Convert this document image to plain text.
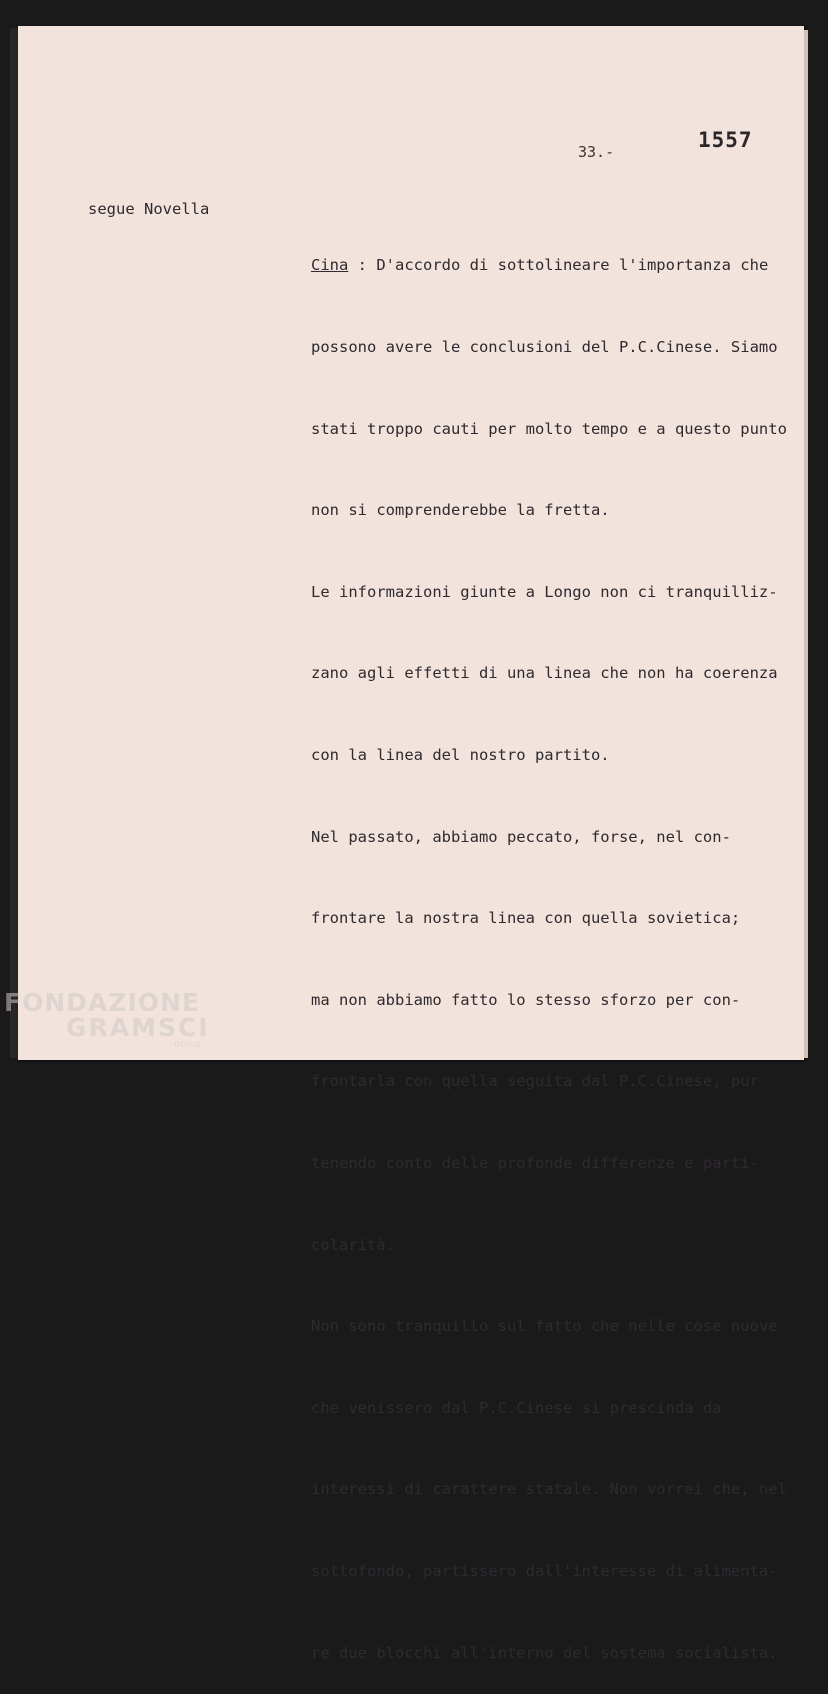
1557
33.-
segue Novella

Cina : D'accordo di sottolineare l'importanza che

possono avere le conclusioni del P.C.Cinese. Siamo

stati troppo cauti per molto tempo e a questo punto

non si comprenderebbe la fretta.

Le informazioni giunte a Longo non ci tranquilliz-

zano agli effetti di una linea che non ha coerenza

con la linea del nostro partito.

Nel passato, abbiamo peccato, forse, nel con-

frontare la nostra linea con quella sovietica;

ma non abbiamo fatto lo stesso sforzo per con-

frontarla con quella seguita dal P.C.Cinese, pur

tenendo conto delle profonde differenze e parti-

colarità.

Non sono tranquillo sul fatto che nelle cose nuove

che venissero dal P.C.Cinese si prescinda da

interessi di carattere statale. Non vorrei che, nel

sottofondo, partissero dall'interesse di alimenta-

re due blocchi all'interno del sostema socialista.

FONDAZIONE
GRAMSCI
onlus
